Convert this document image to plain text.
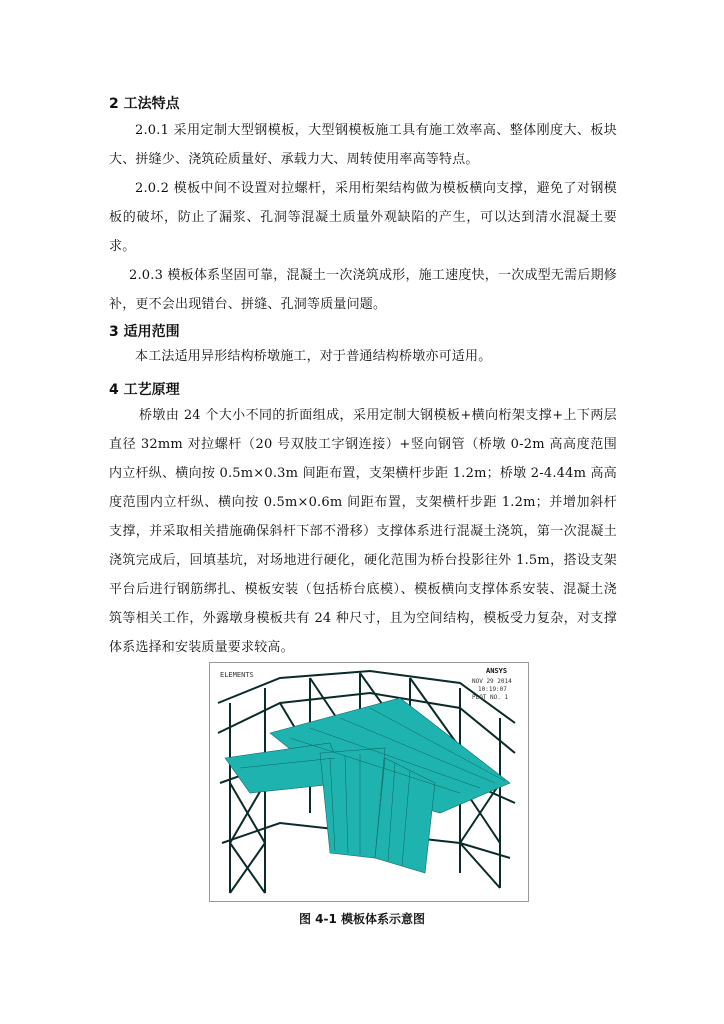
2 工法特点
2.0.1 采用定制大型钢模板，大型钢模板施工具有施工效率高、整体刚度大、板块大、拼缝少、浇筑砼质量好、承载力大、周转使用率高等特点。
2.0.2 模板中间不设置对拉螺杆，采用桁架结构做为模板横向支撑，避免了对钢模板的破坏，防止了漏浆、孔洞等混凝土质量外观缺陷的产生，可以达到清水混凝土要求。
2.0.3 模板体系坚固可靠，混凝土一次浇筑成形，施工速度快，一次成型无需后期修补，更不会出现错台、拼缝、孔洞等质量问题。
3 适用范围
本工法适用异形结构桥墩施工，对于普通结构桥墩亦可适用。
4 工艺原理
桥墩由 24 个大小不同的折面组成，采用定制大钢模板+横向桁架支撑+上下两层直径 32mm 对拉螺杆（20 号双肢工字钢连接）+竖向钢管（桥墩 0-2m 高高度范围内立杆纵、横向按 0.5m×0.3m 间距布置，支架横杆步距 1.2m；桥墩 2-4.44m 高高度范围内立杆纵、横向按 0.5m×0.6m 间距布置，支架横杆步距 1.2m；并增加斜杆支撑，并采取相关措施确保斜杆下部不滑移）支撑体系进行混凝土浇筑，第一次混凝土浇筑完成后，回填基坑，对场地进行硬化，硬化范围为桥台投影往外 1.5m，搭设支架平台后进行钢筋绑扎、模板安装（包括桥台底模）、模板横向支撑体系安装、混凝土浇筑等相关工作，外露墩身模板共有 24 种尺寸，且为空间结构，模板受力复杂，对支撑体系选择和安装质量要求较高。
ELEMENTS	ANSYS
NOV 29 2014
10:19:07
PLOT NO. 1
图 4-1 模板体系示意图
